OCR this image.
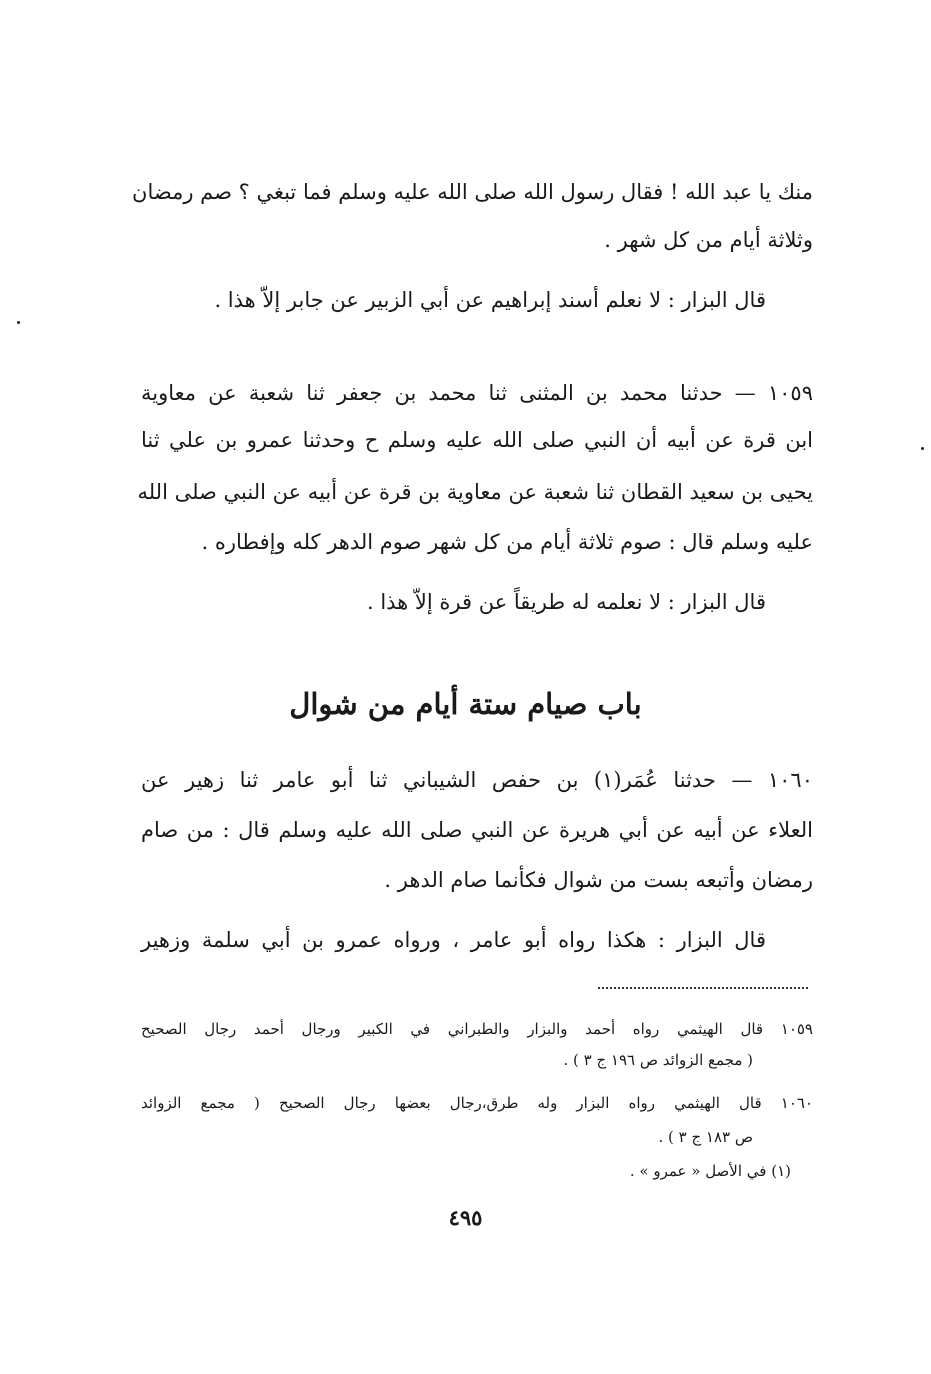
منك يا عبد الله ! فقال رسول الله صلى الله عليه وسلم فما تبغي ؟ صم رمضان
وثلاثة أيام من كل شهر .
قال البزار : لا نعلم أسند إبراهيم عن أبي الزبير عن جابر إلاّ هذا .
١٠٥٩ — حدثنا محمد بن المثنى ثنا محمد بن جعفر ثنا شعبة عن معاوية
ابن قرة عن أبيه أن النبي صلى الله عليه وسلم ح وحدثنا عمرو بن علي ثنا
يحيى بن سعيد القطان ثنا شعبة عن معاوية بن قرة عن أبيه عن النبي صلى الله
عليه وسلم قال : صوم ثلاثة أيام من كل شهر صوم الدهر كله وإفطاره .
قال البزار : لا نعلمه له طريقاً عن قرة إلاّ هذا .
باب صيام ستة أيام من شوال
١٠٦٠ — حدثنا عُمَر(١) بن حفص الشيباني ثنا أبو عامر ثنا زهير عن
العلاء عن أبيه عن أبي هريرة عن النبي صلى الله عليه وسلم قال : من صام
رمضان وأتبعه بست من شوال فكأنما صام الدهر .
قال البزار : هكذا رواه أبو عامر ، ورواه عمرو بن أبي سلمة وزهير
١٠٥٩ قال الهيثمي رواه أحمد والبزار والطبراني في الكبير ورجال أحمد رجال الصحيح
( مجمع الزوائد ص ١٩٦ ج ٣ ) .
١٠٦٠ قال الهيثمي رواه البزار وله طرق،رجال بعضها رجال الصحيح ( مجمع الزوائد
ص ١٨٣ ج ٣ ) .
(١) في الأصل « عمرو » .
٤٩٥
